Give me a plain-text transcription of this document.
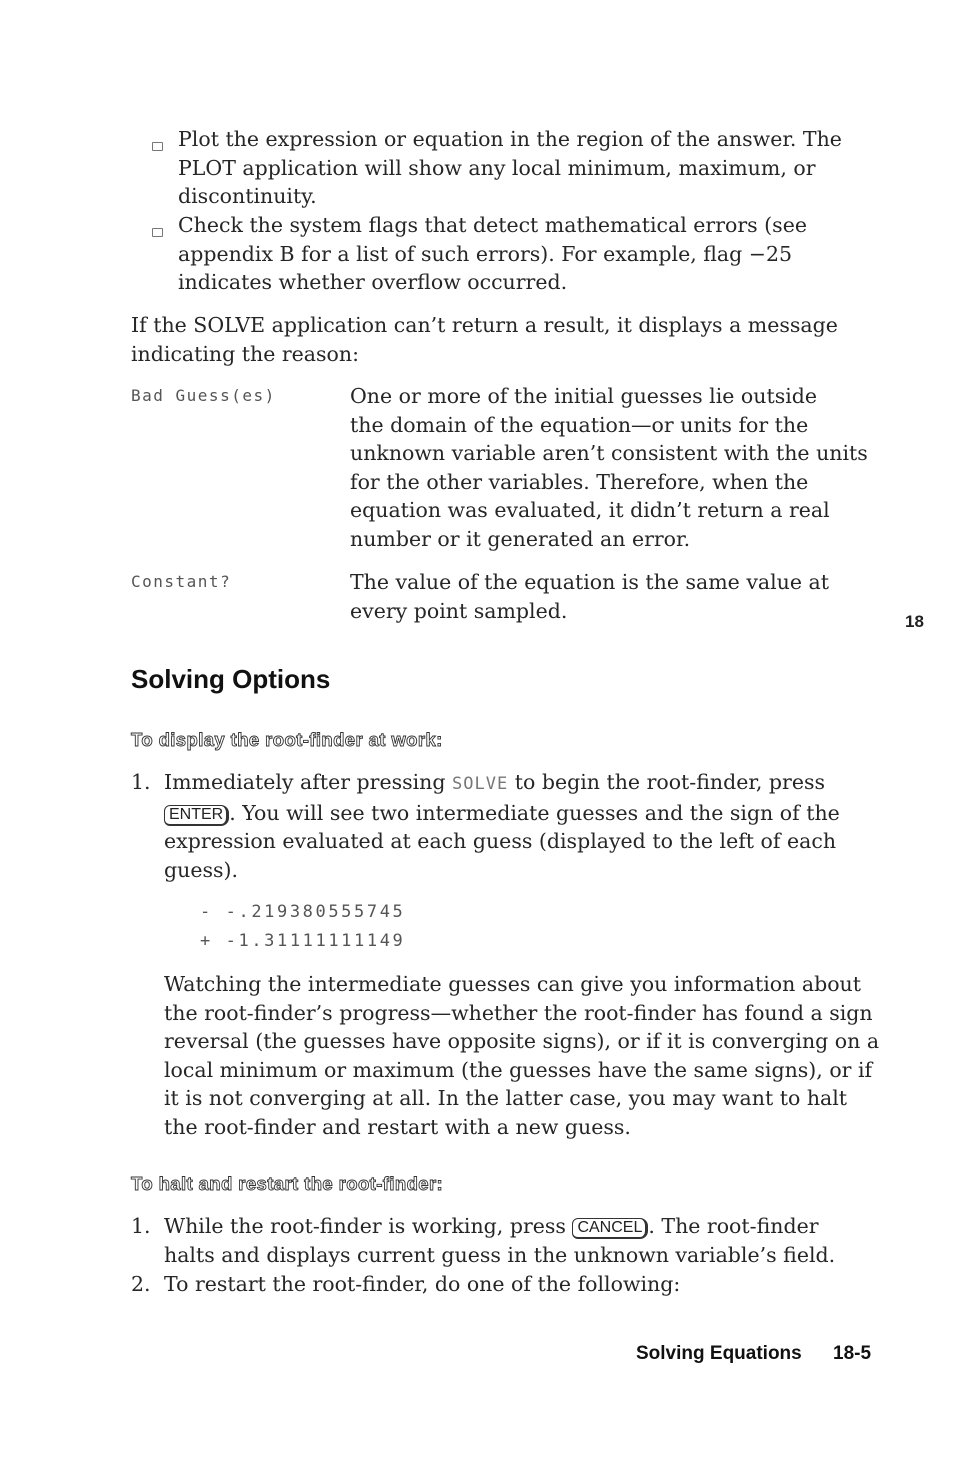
Plot the expression or equation in the region of the answer. The
PLOT application will show any local minimum, maximum, or
discontinuity.
Check the system flags that detect mathematical errors (see
appendix B for a list of such errors). For example, flag −25
indicates whether overflow occurred.
If the SOLVE application can’t return a result, it displays a message
indicating the reason:
Bad Guess(es)	One or more of the initial guesses lie outside
the domain of the equation—or units for the
unknown variable aren’t consistent with the units
for the other variables. Therefore, when the
equation was evaluated, it didn’t return a real
number or it generated an error.
Constant?	The value of the equation is the same value at
every point sampled.	18
Solving Options
To display the root-finder at work:
1. Immediately after pressing SOLVE to begin the root-finder, press
ENTER . You will see two intermediate guesses and the sign of the
expression evaluated at each guess (displayed to the left of each
guess).
- -.219380555745
+ -1.31111111149
Watching the intermediate guesses can give you information about
the root-finder’s progress—whether the root-finder has found a sign
reversal (the guesses have opposite signs), or if it is converging on a
local minimum or maximum (the guesses have the same signs), or if
it is not converging at all. In the latter case, you may want to halt
the root-finder and restart with a new guess.
To halt and restart the root-finder:
1. While the root-finder is working, press CANCEL . The root-finder
halts and displays current guess in the unknown variable’s field.
2. To restart the root-finder, do one of the following:
Solving Equations 18-5
